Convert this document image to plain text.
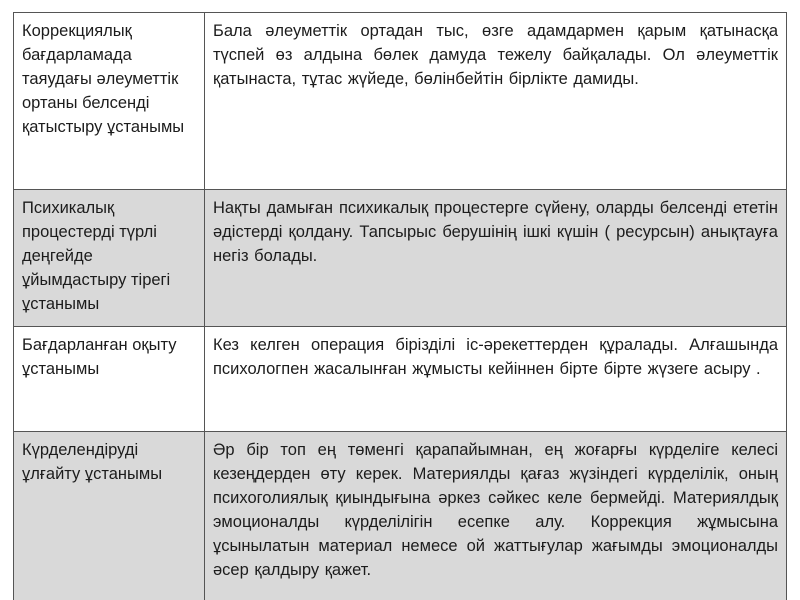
Коррекциялық бағдарламада таяудағы әлеуметтік ортаны белсенді қатыстыру ұстанымы	Бала әлеуметтік ортадан тыс, өзге адамдармен қарым қатынасқа түспей өз алдына бөлек дамуда тежелу байқалады. Ол әлеуметтік қатынаста, тұтас жүйеде, бөлінбейтін бірлікте дамиды.
Психикалық процестерді түрлі деңгейде ұйымдастыру тірегі ұстанымы	Нақты дамыған психикалық процестерге сүйену, оларды белсенді ететін әдістерді қолдану. Тапсырыс берушінің ішкі күшін ( ресурсын) анықтауға негіз болады.
Бағдарланған оқыту ұстанымы	Кез келген операция бірізділі іс-әрекеттерден құралады. Алғашында психологпен жасалынған жұмысты кейіннен бірте бірте жүзеге асыру .
Күрделендіруді ұлғайту ұстанымы	Әр бір топ ең төменгі қарапайымнан, ең жоғарғы күрделіге келесі кезеңдерден өту керек. Материялды қағаз жүзіндегі күрделілік, оның психоголиялық қиындығына әркез сәйкес келе бермейді. Материялдық эмоционалды күрделілігін есепке алу. Коррекция жұмысына ұсынылатын материал немесе ой жаттығулар жағымды эмоционалды әсер қалдыру қажет.
